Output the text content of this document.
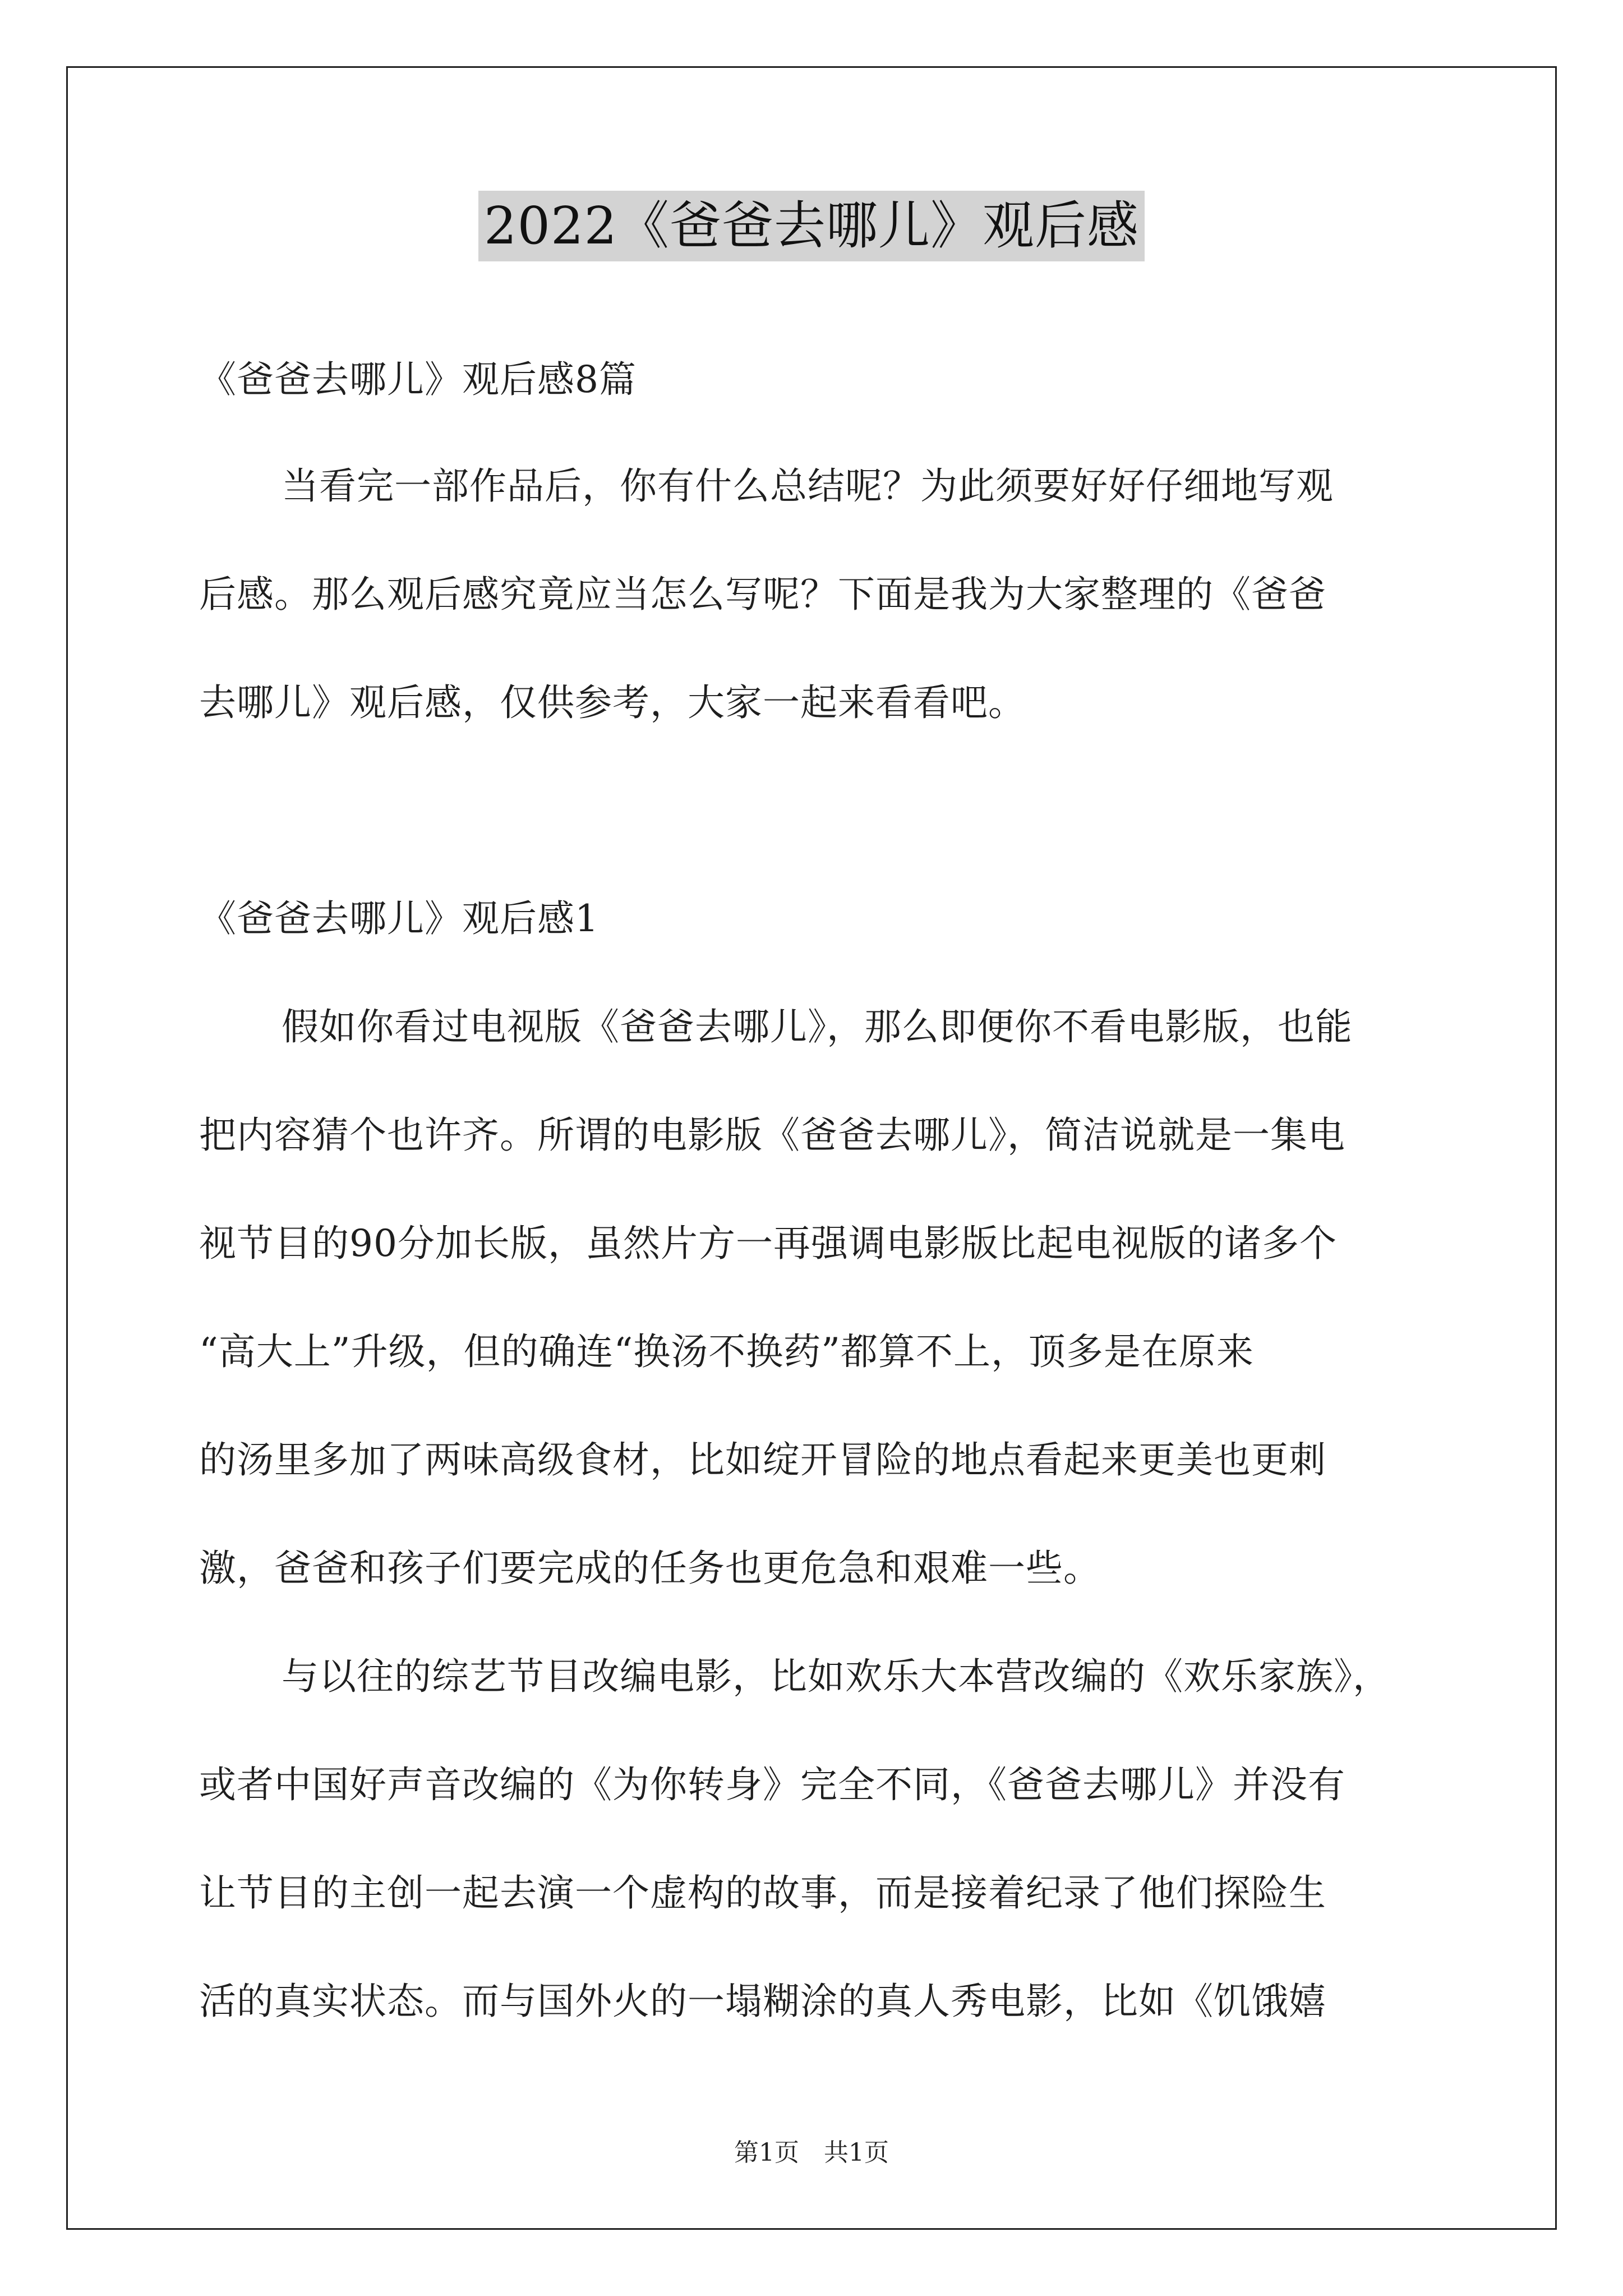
2022《爸爸去哪儿》观后感
《爸爸去哪儿》观后感8篇
当看完一部作品后，你有什么总结呢？为此须要好好仔细地写观
后感。那么观后感究竟应当怎么写呢？下面是我为大家整理的《爸爸
去哪儿》观后感，仅供参考，大家一起来看看吧。
《爸爸去哪儿》观后感1
假如你看过电视版《爸爸去哪儿》，那么即便你不看电影版，也能
把内容猜个也许齐。所谓的电影版《爸爸去哪儿》，简洁说就是一集电
视节目的90分加长版，虽然片方一再强调电影版比起电视版的诸多个
“高大上”升级，但的确连“换汤不换药”都算不上，顶多是在原来
的汤里多加了两味高级食材，比如绽开冒险的地点看起来更美也更刺
激，爸爸和孩子们要完成的任务也更危急和艰难一些。
与以往的综艺节目改编电影，比如欢乐大本营改编的《欢乐家族》，
或者中国好声音改编的《为你转身》完全不同，《爸爸去哪儿》并没有
让节目的主创一起去演一个虚构的故事，而是接着纪录了他们探险生
活的真实状态。而与国外火的一塌糊涂的真人秀电影，比如《饥饿嬉
第1页　共1页
